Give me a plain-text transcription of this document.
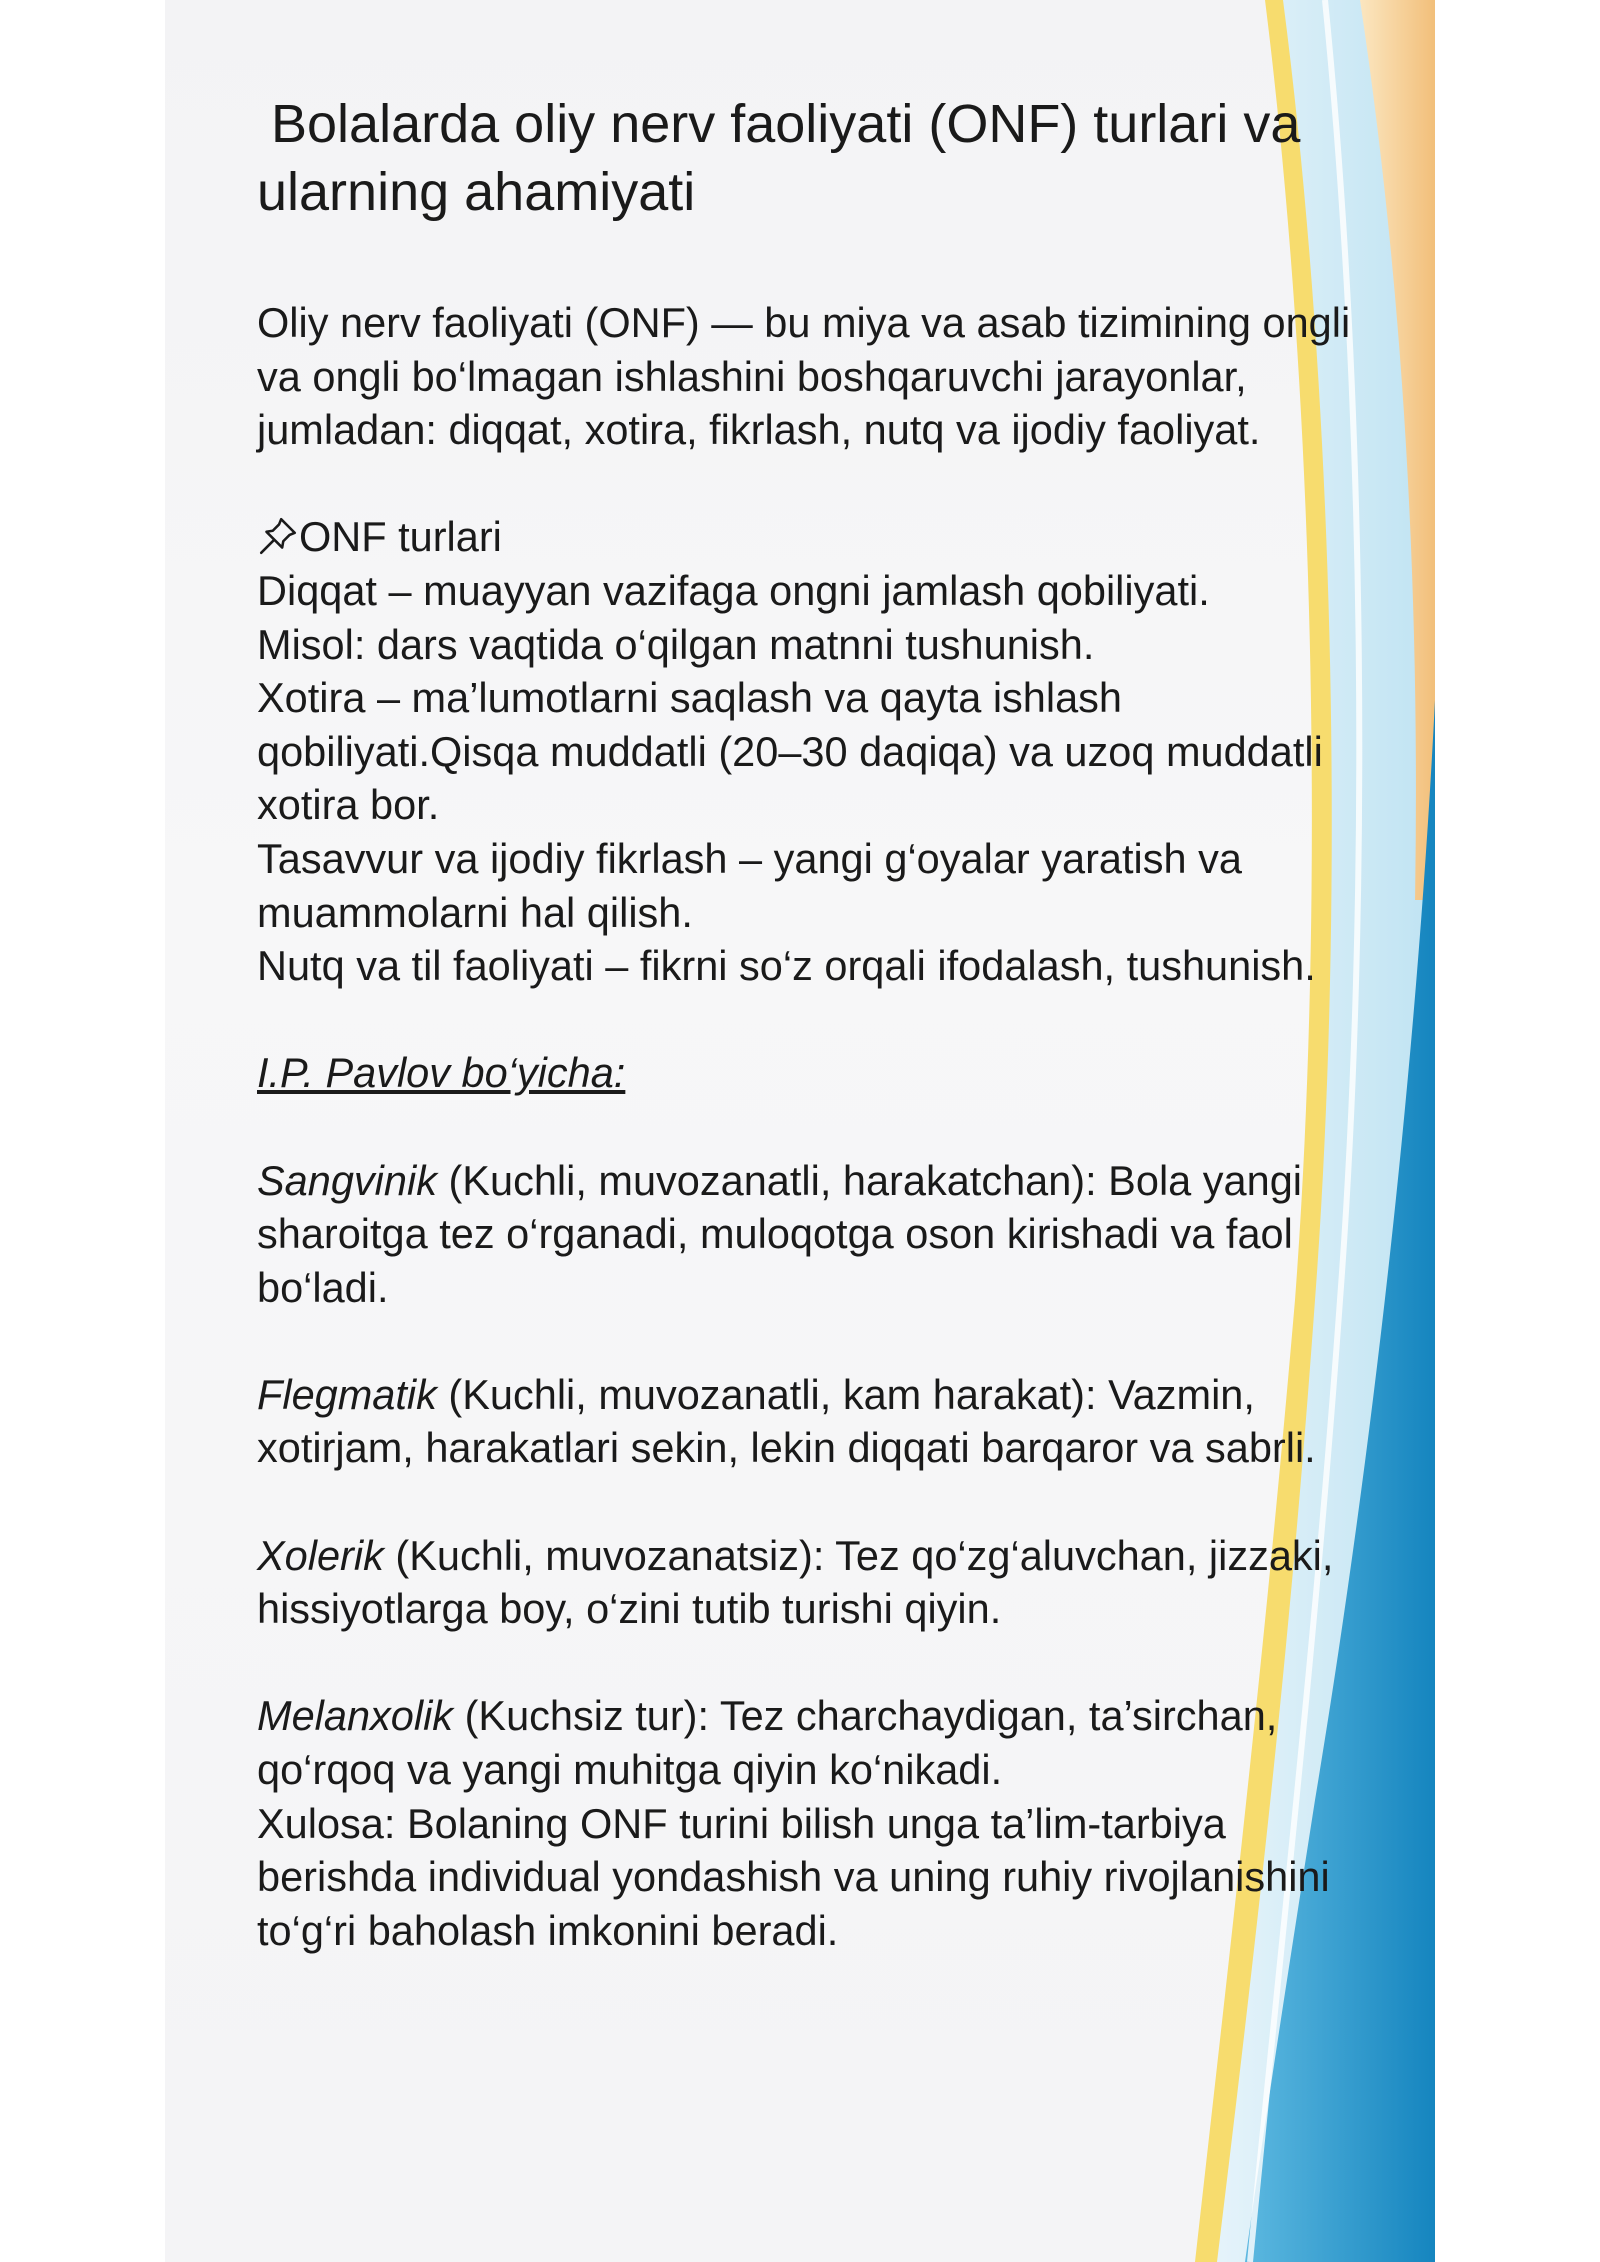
Bolalarda oliy nerv faoliyati (ONF) turlari va ularning ahamiyati

Oliy nerv faoliyati (ONF) — bu miya va asab tizimining ongli va ongli bo‘lmagan ishlashini boshqaruvchi jarayonlar, jumladan: diqqat, xotira, fikrlash, nutq va ijodiy faoliyat.

ONF turlari

Diqqat – muayyan vazifaga ongni jamlash qobiliyati.

Misol: dars vaqtida o‘qilgan matnni tushunish.

Xotira – ma’lumotlarni saqlash va qayta ishlash qobiliyati.Qisqa muddatli (20–30 daqiqa) va uzoq muddatli xotira bor.

Tasavvur va ijodiy fikrlash – yangi g‘oyalar yaratish va muammolarni hal qilish.

Nutq va til faoliyati – fikrni so‘z orqali ifodalash, tushunish.

I.P. Pavlov bo‘yicha:

Sangvinik (Kuchli, muvozanatli, harakatchan): Bola yangi sharoitga tez o‘rganadi, muloqotga oson kirishadi va faol bo‘ladi.

Flegmatik (Kuchli, muvozanatli, kam harakat): Vazmin, xotirjam, harakatlari sekin, lekin diqqati barqaror va sabrli.

Xolerik (Kuchli, muvozanatsiz): Tez qo‘zg‘aluvchan, jizzaki, hissiyotlarga boy, o‘zini tutib turishi qiyin.

Melanxolik (Kuchsiz tur): Tez charchaydigan, ta’sirchan, qo‘rqoq va yangi muhitga qiyin ko‘nikadi.

Xulosa: Bolaning ONF turini bilish unga ta’lim-tarbiya berishda individual yondashish va uning ruhiy rivojlanishini to‘g‘ri baholash imkonini beradi.
